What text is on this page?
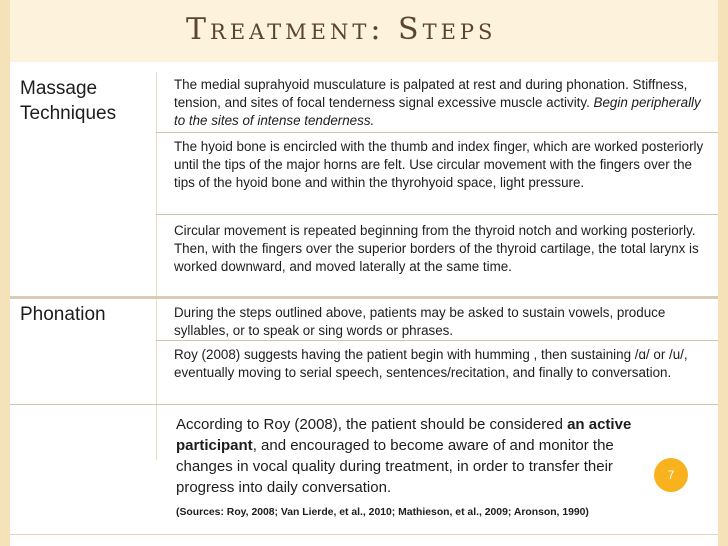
Treatment: Steps
Massage
Techniques
The medial suprahyoid musculature is palpated at rest and during phonation. Stiffness, tension, and sites of focal tenderness signal excessive muscle activity. Begin peripherally to the sites of intense tenderness.
The hyoid bone is encircled with the thumb and index finger, which are worked posteriorly until the tips of the major horns are felt. Use circular movement with the fingers over the tips of the hyoid bone and within the thyrohyoid space, light pressure.
Circular movement is repeated beginning from the thyroid notch and working posteriorly. Then, with the fingers over the superior borders of the thyroid cartilage, the total larynx is worked downward, and moved laterally at the same time.
Phonation	During the steps outlined above, patients may be asked to sustain vowels, produce syllables, or to speak or sing words or phrases.
Roy (2008) suggests having the patient begin with humming , then sustaining /ɑ/ or /u/, eventually moving to serial speech, sentences/recitation, and finally to conversation.
According to Roy (2008), the patient should be considered an active participant, and encouraged to become aware of and monitor the changes in vocal quality during treatment, in order to transfer their progress into daily conversation.
(Sources: Roy, 2008; Van Lierde, et al., 2010; Mathieson, et al., 2009; Aronson, 1990)
7
